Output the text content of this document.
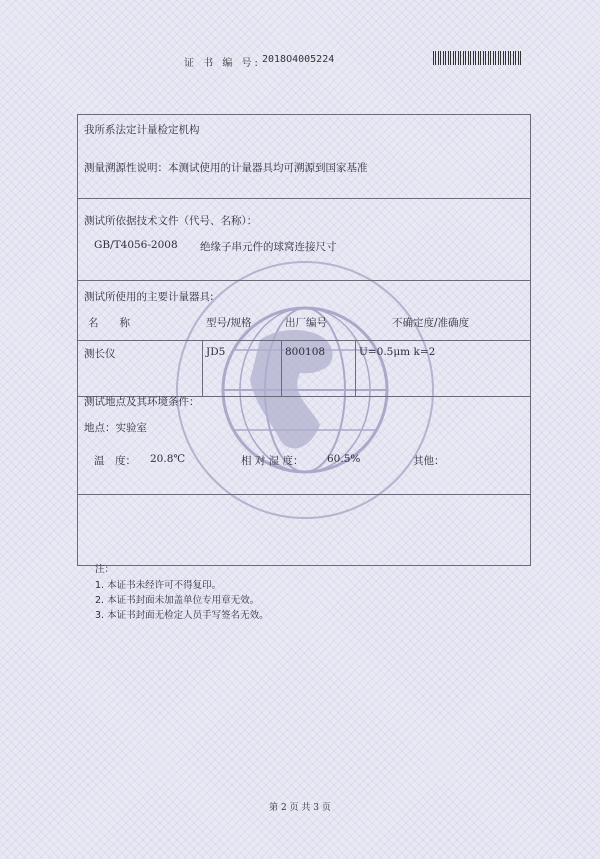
证 书 编 号: 2018O4005224
我所系法定计量检定机构
测量溯源性说明：本测试使用的计量器具均可溯源到国家基准
测试所依据技术文件（代号、名称）：
GB/T4056-2008 绝缘子串元件的球窝连接尺寸
测试所使用的主要计量器具:
名　　称	型号/规格	出厂编号	不确定度/准确度
测长仪	JD5	800108	U=0.5μm k=2
测试地点及其环境条件：
地点：实验室
温　度： 20.8℃	相 对 湿 度： 60.5%	其他：
注：
1. 本证书未经许可不得复印。
2. 本证书封面未加盖单位专用章无效。
3. 本证书封面无检定人员手写签名无效。
第 2 页 共 3 页
